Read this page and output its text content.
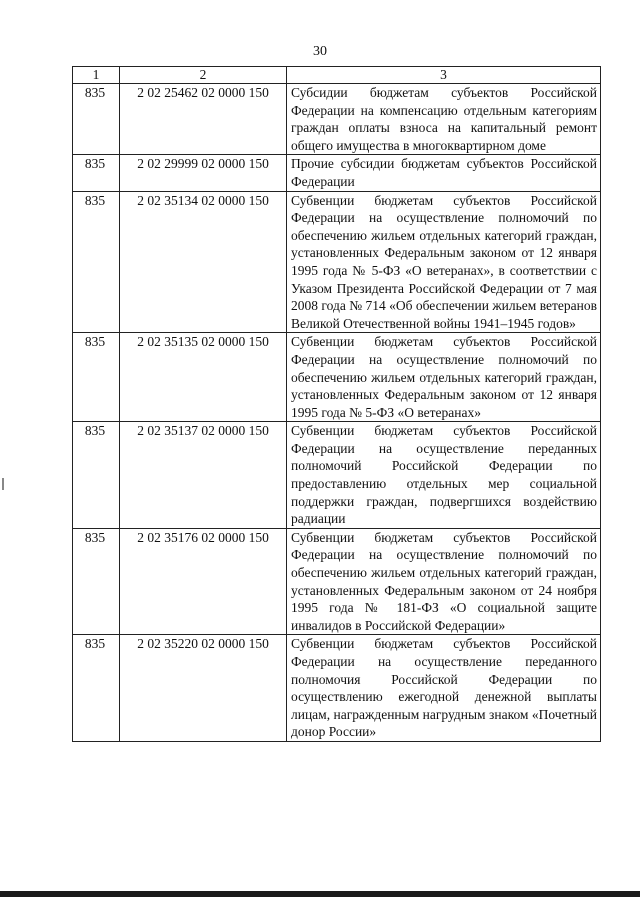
30
1	2	3
835	2 02 25462 02 0000 150	Субсидии бюджетам субъектов Российской Федерации на компенсацию отдельным категориям граждан оплаты взноса на капитальный ремонт общего имущества в многоквартирном доме
835	2 02 29999 02 0000 150	Прочие субсидии бюджетам субъектов Российской Федерации
835	2 02 35134 02 0000 150	Субвенции бюджетам субъектов Российской Федерации на осуществление полномочий по обеспечению жильем отдельных категорий граждан, установленных Федеральным законом от 12 января 1995 года № 5-ФЗ «О ветеранах», в соответствии с Указом Президента Российской Федерации от 7 мая 2008 года № 714 «Об обеспечении жильем ветеранов Великой Отечественной войны 1941–1945 годов»
835	2 02 35135 02 0000 150	Субвенции бюджетам субъектов Российской Федерации на осуществление полномочий по обеспечению жильем отдельных категорий граждан, установленных Федеральным законом от 12 января 1995 года № 5-ФЗ «О ветеранах»
835	2 02 35137 02 0000 150	Субвенции бюджетам субъектов Российской Федерации на осуществление переданных полномочий Российской Федерации по предоставлению отдельных мер социальной поддержки граждан, подвергшихся воздействию радиации
835	2 02 35176 02 0000 150	Субвенции бюджетам субъектов Российской Федерации на осуществление полномочий по обеспечению жильем отдельных категорий граждан, установленных Федеральным законом от 24 ноября 1995 года № 181-ФЗ «О социальной защите инвалидов в Российской Федерации»
835	2 02 35220 02 0000 150	Субвенции бюджетам субъектов Российской Федерации на осуществление переданного полномочия Российской Федерации по осуществлению ежегодной денежной выплаты лицам, награжденным нагрудным знаком «Почетный донор России»
